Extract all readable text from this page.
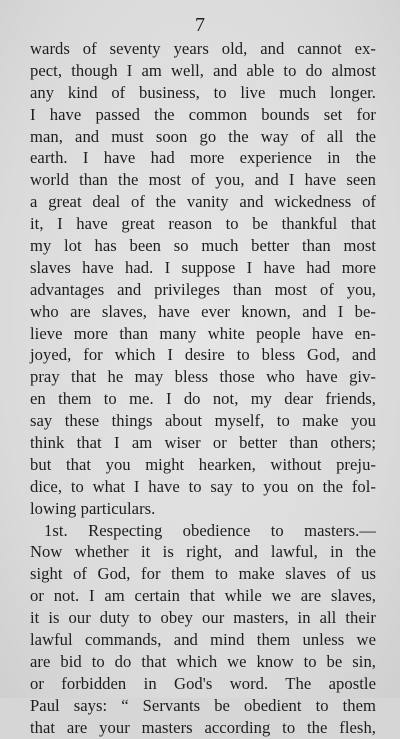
7
wards of seventy years old, and cannot ex-
pect, though I am well, and able to do almost
any kind of business, to live much longer.
I have passed the common bounds set for
man, and must soon go the way of all the
earth. I have had more experience in the
world than the most of you, and I have seen
a great deal of the vanity and wickedness of
it, I have great reason to be thankful that
my lot has been so much better than most
slaves have had. I suppose I have had more
advantages and privileges than most of you,
who are slaves, have ever known, and I be-
lieve more than many white people have en-
joyed, for which I desire to bless God, and
pray that he may bless those who have giv-
en them to me. I do not, my dear friends,
say these things about myself, to make you
think that I am wiser or better than others;
but that you might hearken, without preju-
dice, to what I have to say to you on the fol-
lowing particulars.
1st. Respecting obedience to masters.—
Now whether it is right, and lawful, in the
sight of God, for them to make slaves of us
or not. I am certain that while we are slaves,
it is our duty to obey our masters, in all their
lawful commands, and mind them unless we
are bid to do that which we know to be sin,
or forbidden in God's word. The apostle
Paul says: “ Servants be obedient to them
that are your masters according to the flesh,
